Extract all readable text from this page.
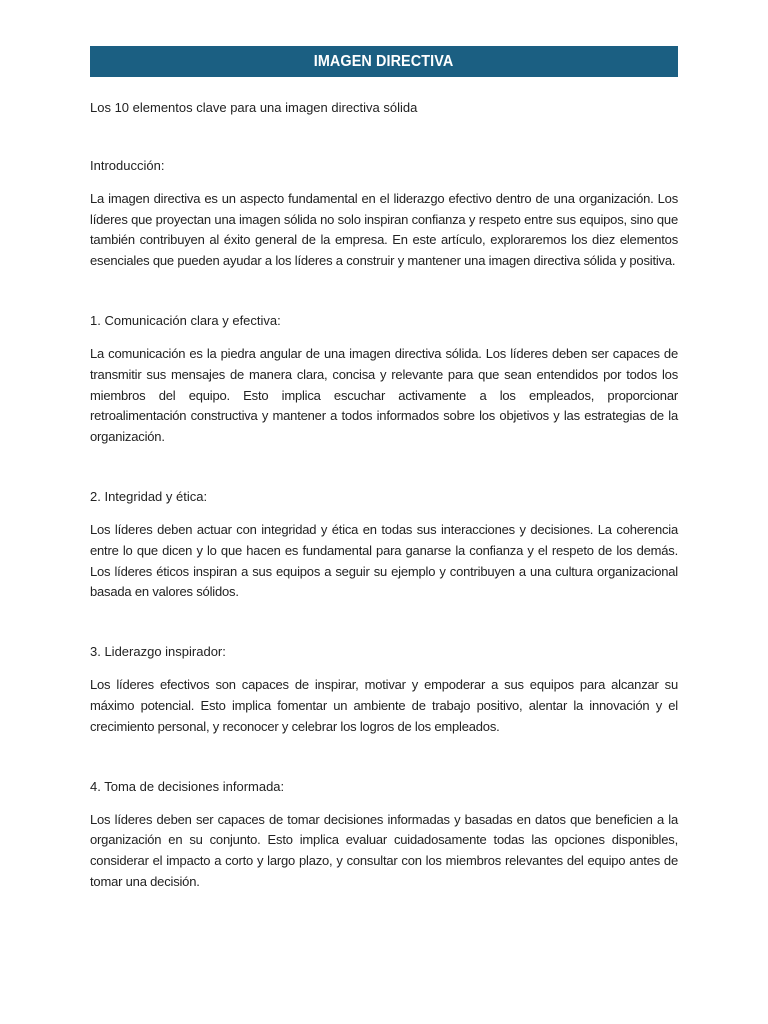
IMAGEN DIRECTIVA

Los 10 elementos clave para una imagen directiva sólida

Introducción:

La imagen directiva es un aspecto fundamental en el liderazgo efectivo dentro de una organización. Los líderes que proyectan una imagen sólida no solo inspiran confianza y respeto entre sus equipos, sino que también contribuyen al éxito general de la empresa. En este artículo, exploraremos los diez elementos esenciales que pueden ayudar a los líderes a construir y mantener una imagen directiva sólida y positiva.

1. Comunicación clara y efectiva:

La comunicación es la piedra angular de una imagen directiva sólida. Los líderes deben ser capaces de transmitir sus mensajes de manera clara, concisa y relevante para que sean entendidos por todos los miembros del equipo. Esto implica escuchar activamente a los empleados, proporcionar retroalimentación constructiva y mantener a todos informados sobre los objetivos y las estrategias de la organización.

2. Integridad y ética:

Los líderes deben actuar con integridad y ética en todas sus interacciones y decisiones. La coherencia entre lo que dicen y lo que hacen es fundamental para ganarse la confianza y el respeto de los demás. Los líderes éticos inspiran a sus equipos a seguir su ejemplo y contribuyen a una cultura organizacional basada en valores sólidos.

3. Liderazgo inspirador:

Los líderes efectivos son capaces de inspirar, motivar y empoderar a sus equipos para alcanzar su máximo potencial. Esto implica fomentar un ambiente de trabajo positivo, alentar la innovación y el crecimiento personal, y reconocer y celebrar los logros de los empleados.

4. Toma de decisiones informada:

Los líderes deben ser capaces de tomar decisiones informadas y basadas en datos que beneficien a la organización en su conjunto. Esto implica evaluar cuidadosamente todas las opciones disponibles, considerar el impacto a corto y largo plazo, y consultar con los miembros relevantes del equipo antes de tomar una decisión.
